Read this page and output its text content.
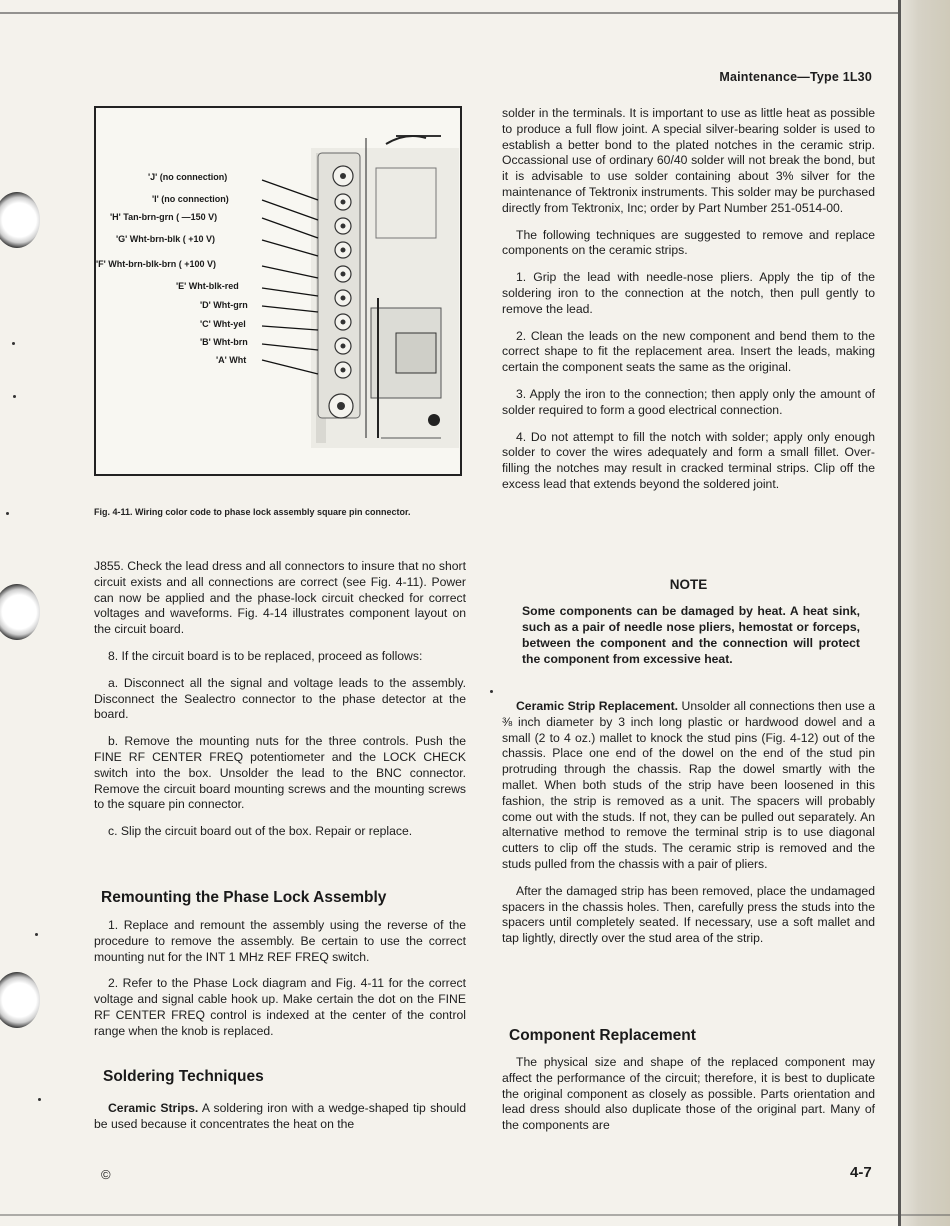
Maintenance—Type 1L30
'J' (no connection)
'I' (no connection)
'H' Tan-brn-grn ( —150 V)
'G' Wht-brn-blk ( +10 V)
'F' Wht-brn-blk-brn ( +100 V)
'E' Wht-blk-red
'D' Wht-grn
'C' Wht-yel
'B' Wht-brn
'A' Wht
Fig. 4-11. Wiring color code to phase lock assembly square pin connector.

J855. Check the lead dress and all connectors to insure that no short circuit exists and all connections are correct (see Fig. 4-11). Power can now be applied and the phase-lock circuit checked for correct voltages and waveforms. Fig. 4-14 illustrates component layout on the circuit board.

8. If the circuit board is to be replaced, proceed as follows:

a. Disconnect all the signal and voltage leads to the assembly. Disconnect the Sealectro connector to the phase detector at the board.

b. Remove the mounting nuts for the three controls. Push the FINE RF CENTER FREQ potentiometer and the LOCK CHECK switch into the box. Unsolder the lead to the BNC connector. Remove the circuit board mounting screws and the mounting screws to the square pin connector.

c. Slip the circuit board out of the box. Repair or replace.

Remounting the Phase Lock Assembly

1. Replace and remount the assembly using the reverse of the procedure to remove the assembly. Be certain to use the correct mounting nut for the INT 1 MHz REF FREQ switch.

2. Refer to the Phase Lock diagram and Fig. 4-11 for the correct voltage and signal cable hook up. Make certain the dot on the FINE RF CENTER FREQ control is indexed at the center of the control range when the knob is replaced.

Soldering Techniques

Ceramic Strips. A soldering iron with a wedge-shaped tip should be used because it concentrates the heat on the

solder in the terminals. It is important to use as little heat as possible to produce a full flow joint. A special silver-bearing solder is used to establish a better bond to the plated notches in the ceramic strip. Occassional use of ordinary 60/40 solder will not break the bond, but it is advisable to use solder containing about 3% silver for the maintenance of Tektronix instruments. This solder may be purchased directly from Tektronix, Inc; order by Part Number 251-0514-00.

The following techniques are suggested to remove and replace components on the ceramic strips.

1. Grip the lead with needle-nose pliers. Apply the tip of the soldering iron to the connection at the notch, then pull gently to remove the lead.

2. Clean the leads on the new component and bend them to the correct shape to fit the replacement area. Insert the leads, making certain the component seats the same as the original.

3. Apply the iron to the connection; then apply only the amount of solder required to form a good electrical connection.

4. Do not attempt to fill the notch with solder; apply only enough solder to cover the wires adequately and form a small fillet. Over-filling the notches may result in cracked terminal strips. Clip off the excess lead that extends beyond the soldered joint.

NOTE

Some components can be damaged by heat. A heat sink, such as a pair of needle nose pliers, hemostat or forceps, between the component and the connection will protect the component from excessive heat.

Ceramic Strip Replacement. Unsolder all connections then use a ⅜ inch diameter by 3 inch long plastic or hardwood dowel and a small (2 to 4 oz.) mallet to knock the stud pins (Fig. 4-12) out of the chassis. Place one end of the dowel on the end of the stud pin protruding through the chassis. Rap the dowel smartly with the mallet. When both studs of the strip have been loosened in this fashion, the strip is removed as a unit. The spacers will probably come out with the studs. If not, they can be pulled out separately. An alternative method to remove the terminal strip is to use diagonal cutters to clip off the studs. The ceramic strip is removed and the studs pulled from the chassis with a pair of pliers.

After the damaged strip has been removed, place the undamaged spacers in the chassis holes. Then, carefully press the studs into the spacers until completely seated. If necessary, use a soft mallet and tap lightly, directly over the stud area of the strip.

Component Replacement

The physical size and shape of the replaced component may affect the performance of the circuit; therefore, it is best to duplicate the original component as closely as possible. Parts orientation and lead dress should also duplicate those of the original part. Many of the components are

©	4-7
